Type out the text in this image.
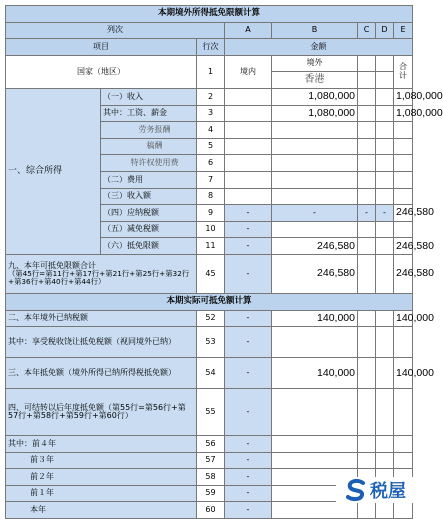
本期境外所得抵免限额计算							
列次			A	B	C	D	E
项目		行次	金额				
国家（地区）		1	境内	境外			合计
				香港			
一、综合所得	（一）收入	2		1,080,000			1,080,000
	其中：工资、薪金	3		1,080,000			1,080,000
	劳务报酬	4					
	稿酬	5					
	特许权使用费	6					
	（二）费用	7					
	（三）收入额	8					
	（四）应纳税额	9	-	-	-	-	246,580
	（五）减免税额	10	-				
	（六）抵免限额	11	-	246,580			246,580

九、本年可抵免限额合计
（第45行=第11行+第17行+第21行+第25行+第32行+第36行+第40行+第44行）		45	-	246,580			246,580
本期实际可抵免额计算							
二、本年境外已纳税额		52	-	140,000			140,000
其中：享受税收饶让抵免税额（视同境外已纳）		53	-				
三、本年抵免额（境外所得已纳所得税抵免额）		54	-	140,000			140,000
四、可结转以后年度抵免额（第55行=第56行+第57行+第58行+第59行+第60行）		55	-				
其中：前４年		56	-				
前３年		57	-				
前２年		58	-				
前１年		59	-				
本年		60	-				
税屋
